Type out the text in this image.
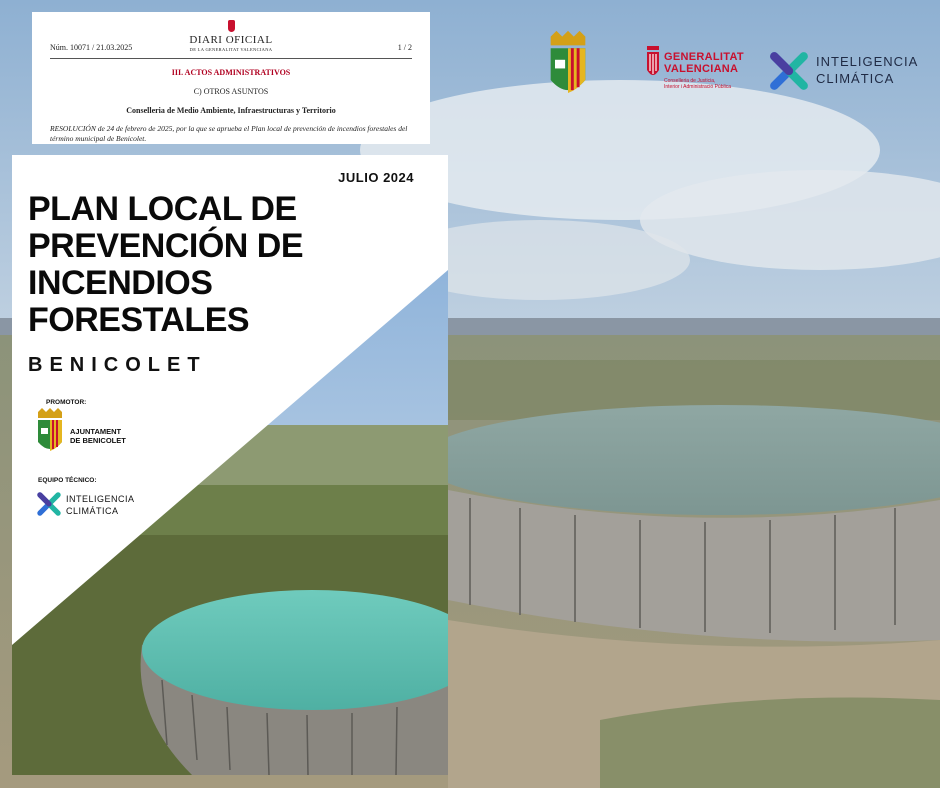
Núm. 10071 / 21.03.2025
DIARI OFICIAL
DE LA GENERALITAT VALENCIANA	1 / 2
III. ACTOS ADMINISTRATIVOS
C) OTROS ASUNTOS
Conselleria de Medio Ambiente, Infraestructuras y Territorio
RESOLUCIÓN de 24 de febrero de 2025, por la que se aprueba el Plan local de prevención de incendios forestales del
término municipal de Benicolet.
JULIO 2024
PLAN LOCAL DE
PREVENCIÓN DE
INCENDIOS
FORESTALES
BENICOLET
PROMOTOR:
AJUNTAMENT
DE BENICOLET
EQUIPO TÉCNICO:
INTELIGENCIA
CLIMÁTICA
GENERALITAT
VALENCIANA
Conselleria de Justicia,
Interior i Administració Pública
INTELIGENCIA
CLIMÁTICA
